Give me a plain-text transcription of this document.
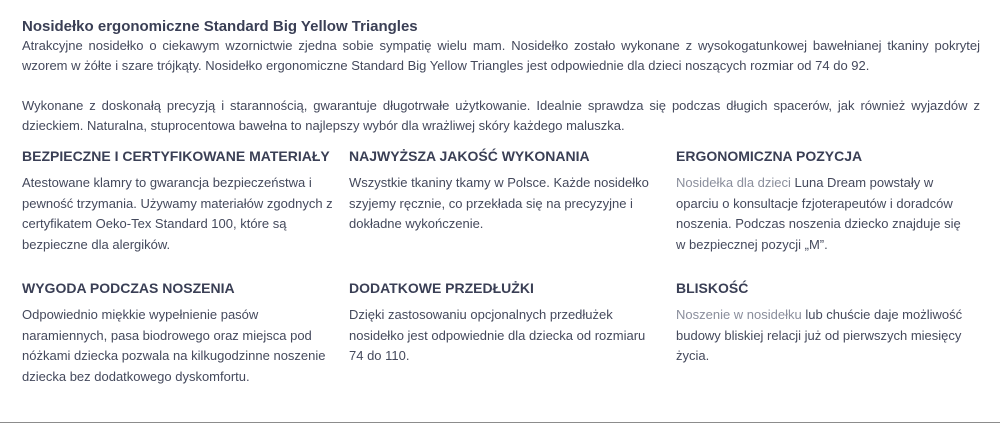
Nosidełko ergonomiczne Standard Big Yellow Triangles

Atrakcyjne nosidełko o ciekawym wzornictwie zjedna sobie sympatię wielu mam. Nosidełko zostało wykonane z wysokogatunkowej bawełnianej tkaniny pokrytej wzorem w żółte i szare trójkąty. Nosidełko ergonomiczne Standard Big Yellow Triangles jest odpowiednie dla dzieci noszących rozmiar od 74 do 92.

Wykonane z doskonałą precyzją i starannością, gwarantuje długotrwałe użytkowanie. Idealnie sprawdza się podczas długich spacerów, jak również wyjazdów z dzieckiem. Naturalna, stuprocentowa bawełna to najlepszy wybór dla wrażliwej skóry każdego maluszka.

BEZPIECZNE I CERTYFIKOWANE MATERIAŁY

Atestowane klamry to gwarancja bezpieczeństwa i pewność trzymania. Używamy materiałów zgodnych z certyfikatem Oeko-Tex Standard 100, które są bezpieczne dla alergików.

NAJWYŻSZA JAKOŚĆ WYKONANIA

Wszystkie tkaniny tkamy w Polsce. Każde nosidełko szyjemy ręcznie, co przekłada się na precyzyjne i dokładne wykończenie.

ERGONOMICZNA POZYCJA

Nosidełka dla dzieci Luna Dream powstały w oparciu o konsultacje fzjoterapeutów i doradców noszenia. Podczas noszenia dziecko znajduje się w bezpiecznej pozycji „M”.

WYGODA PODCZAS NOSZENIA

Odpowiednio miękkie wypełnienie pasów naramiennych, pasa biodrowego oraz miejsca pod nóżkami dziecka pozwala na kilkugodzinne noszenie dziecka bez dodatkowego dyskomfortu.

DODATKOWE PRZEDŁUŻKI

Dzięki zastosowaniu opcjonalnych przedłużek nosidełko jest odpowiednie dla dziecka od rozmiaru 74 do 110.

BLISKOŚĆ

Noszenie w nosidełku lub chuście daje możliwość budowy bliskiej relacji już od pierwszych miesięcy życia.
